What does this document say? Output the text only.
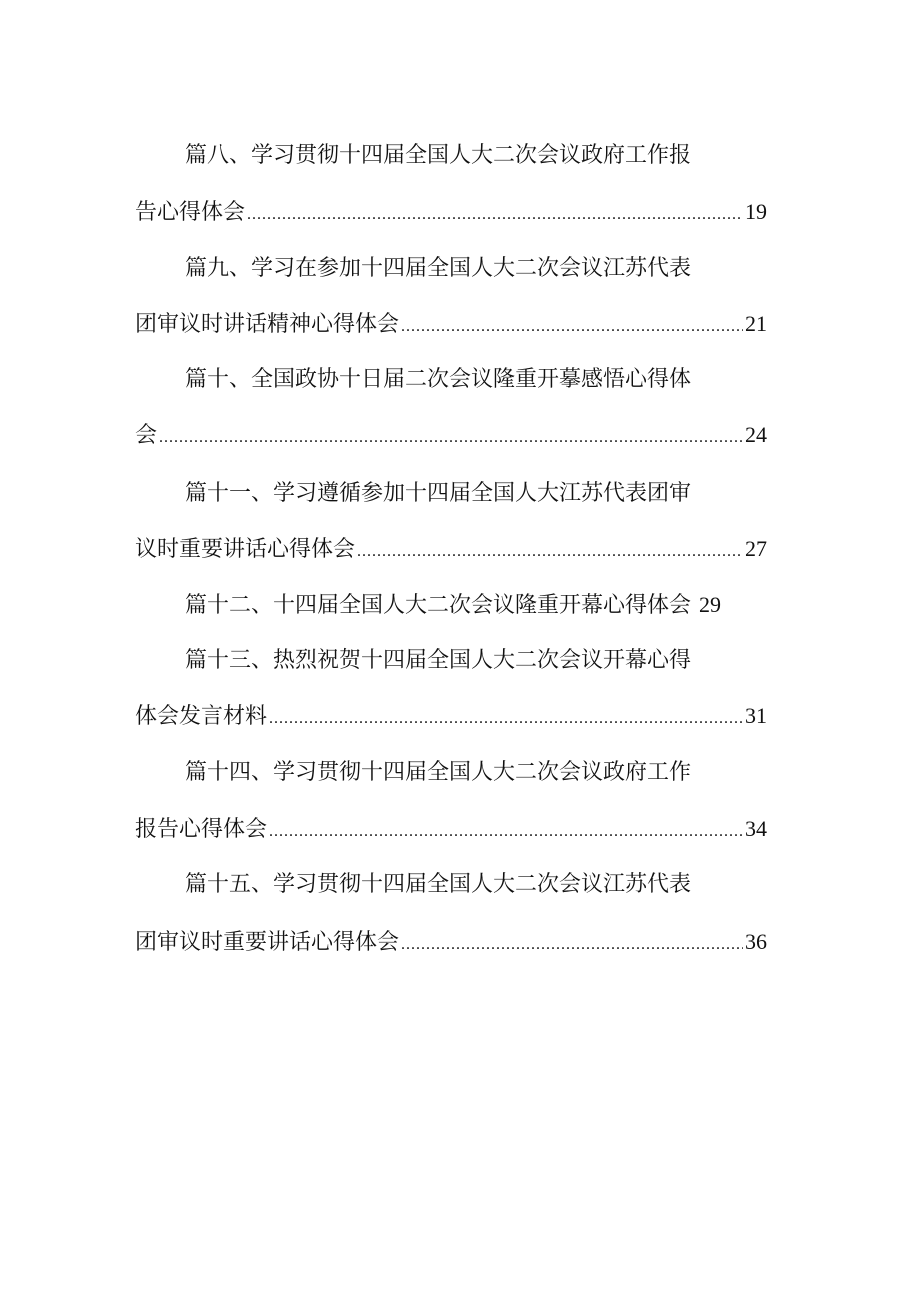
篇八、学习贯彻十四届全国人大二次会议政府工作报
告心得体会 .....	19
篇九、学习在参加十四届全国人大二次会议江苏代表
团审议时讲话精神心得体会 .....	21
篇十、全国政协十日届二次会议隆重开摹感悟心得体
会 .....	24
篇十一、学习遵循参加十四届全国人大江苏代表团审
议时重要讲话心得体会 .....	27
篇十二、十四届全国人大二次会议隆重开幕心得体会 29
篇十三、热烈祝贺十四届全国人大二次会议开幕心得
体会发言材料 .....	31
篇十四、学习贯彻十四届全国人大二次会议政府工作
报告心得体会 .....	34
篇十五、学习贯彻十四届全国人大二次会议江苏代表
团审议时重要讲话心得体会 .....	36
